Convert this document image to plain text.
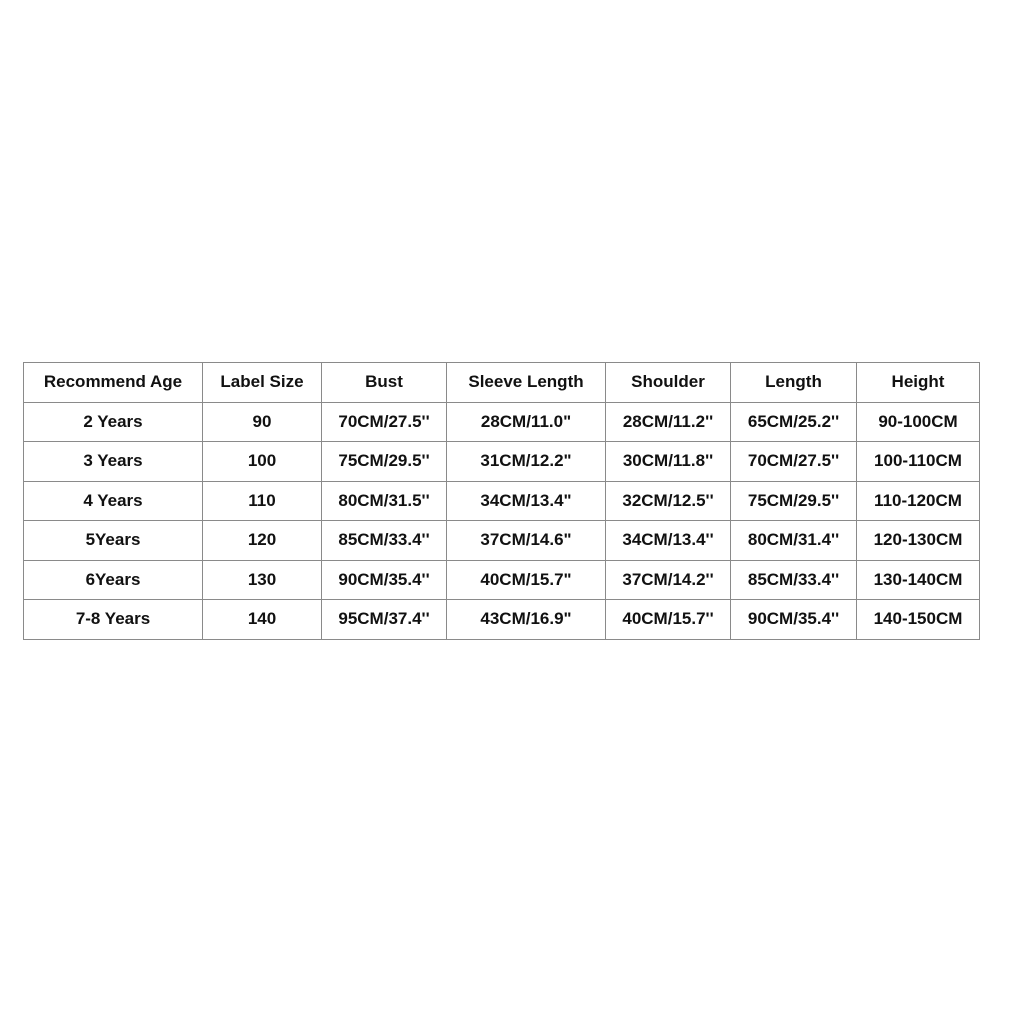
Recommend Age	Label Size	Bust	Sleeve Length	Shoulder	Length	Height
2 Years	90	70CM/27.5''	28CM/11.0"	28CM/11.2''	65CM/25.2''	90-100CM
3 Years	100	75CM/29.5''	31CM/12.2"	30CM/11.8''	70CM/27.5''	100-110CM
4 Years	110	80CM/31.5''	34CM/13.4"	32CM/12.5''	75CM/29.5''	110-120CM
5Years	120	85CM/33.4''	37CM/14.6"	34CM/13.4''	80CM/31.4''	120-130CM
6Years	130	90CM/35.4''	40CM/15.7"	37CM/14.2''	85CM/33.4''	130-140CM
7-8 Years	140	95CM/37.4''	43CM/16.9"	40CM/15.7''	90CM/35.4''	140-150CM
